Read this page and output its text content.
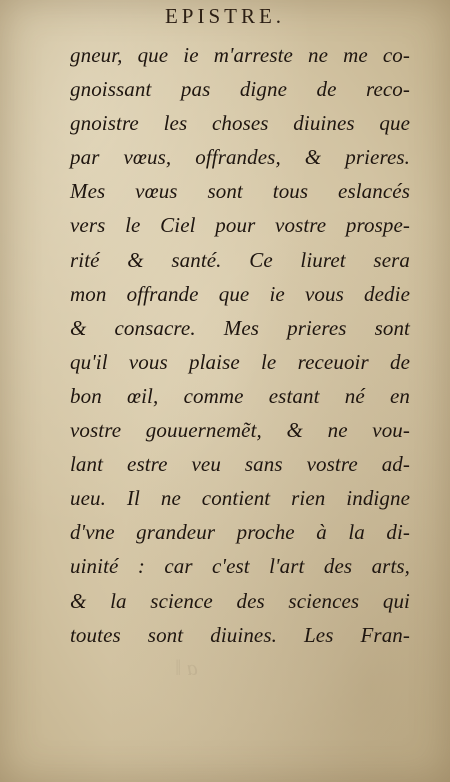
EPISTRE.
gneur, que ie m'arreste ne me co-
gnoissant pas digne de reco-
gnoistre les choses diuines que
par vœus, offrandes, & prieres.
Mes vœus sont tous eslancés
vers le Ciel pour vostre prospe-
rité & santé. Ce liuret sera
mon offrande que ie vous dedie
& consacre. Mes prieres sont
qu'il vous plaise le receuoir de
bon œil, comme estant né en
vostre gouuernemẽt, & ne vou-
lant estre veu sans vostre ad-
ueu. Il ne contient rien indigne
d'vne grandeur proche à la di-
uinité : car c'est l'art des arts,
& la science des sciences qui
toutes sont diuines. Les Fran-
ɑ ǁ
